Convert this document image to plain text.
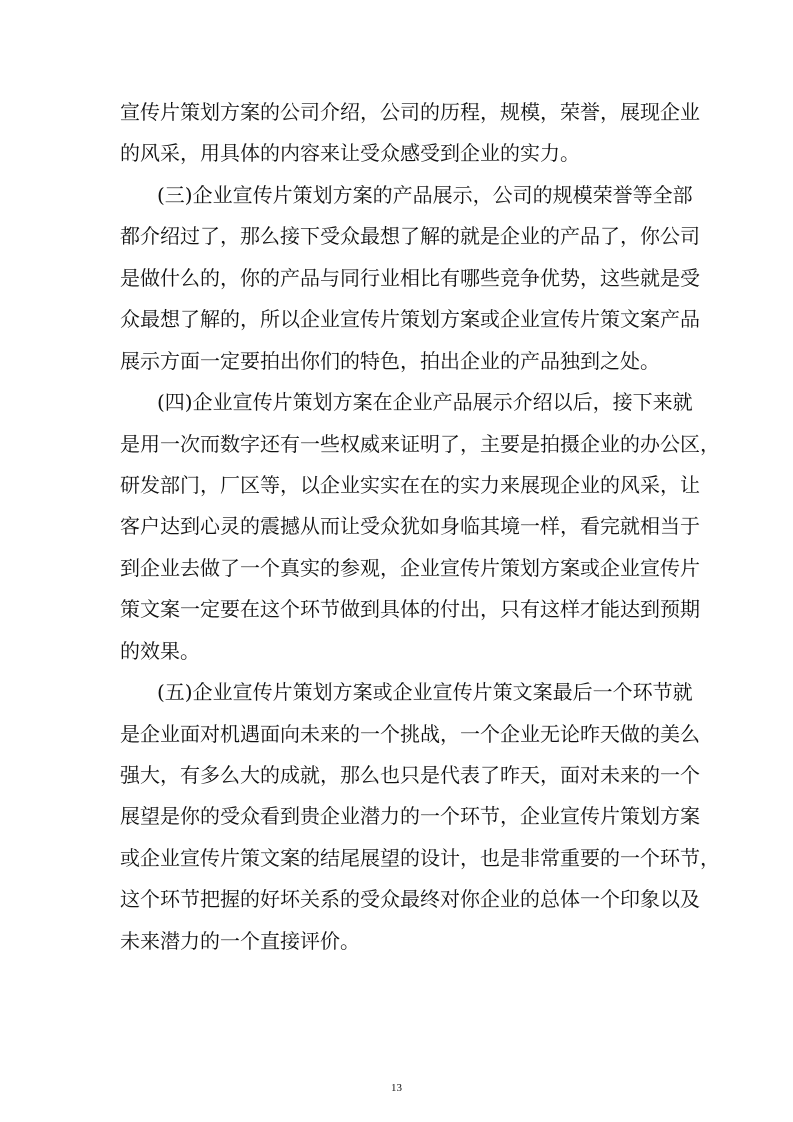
宣传片策划方案的公司介绍，公司的历程，规模，荣誉，展现企业
的风采，用具体的内容来让受众感受到企业的实力。
(三)企业宣传片策划方案的产品展示，公司的规模荣誉等全部
都介绍过了，那么接下受众最想了解的就是企业的产品了，你公司
是做什么的，你的产品与同行业相比有哪些竞争优势，这些就是受
众最想了解的，所以企业宣传片策划方案或企业宣传片策文案产品
展示方面一定要拍出你们的特色，拍出企业的产品独到之处。
(四)企业宣传片策划方案在企业产品展示介绍以后，接下来就
是用一次而数字还有一些权威来证明了，主要是拍摄企业的办公区，
研发部门，厂区等，以企业实实在在的实力来展现企业的风采，让
客户达到心灵的震撼从而让受众犹如身临其境一样，看完就相当于
到企业去做了一个真实的参观，企业宣传片策划方案或企业宣传片
策文案一定要在这个环节做到具体的付出，只有这样才能达到预期
的效果。
(五)企业宣传片策划方案或企业宣传片策文案最后一个环节就
是企业面对机遇面向未来的一个挑战，一个企业无论昨天做的美么
强大，有多么大的成就，那么也只是代表了昨天，面对未来的一个
展望是你的受众看到贵企业潜力的一个环节，企业宣传片策划方案
或企业宣传片策文案的结尾展望的设计，也是非常重要的一个环节，
这个环节把握的好坏关系的受众最终对你企业的总体一个印象以及
未来潜力的一个直接评价。
13
